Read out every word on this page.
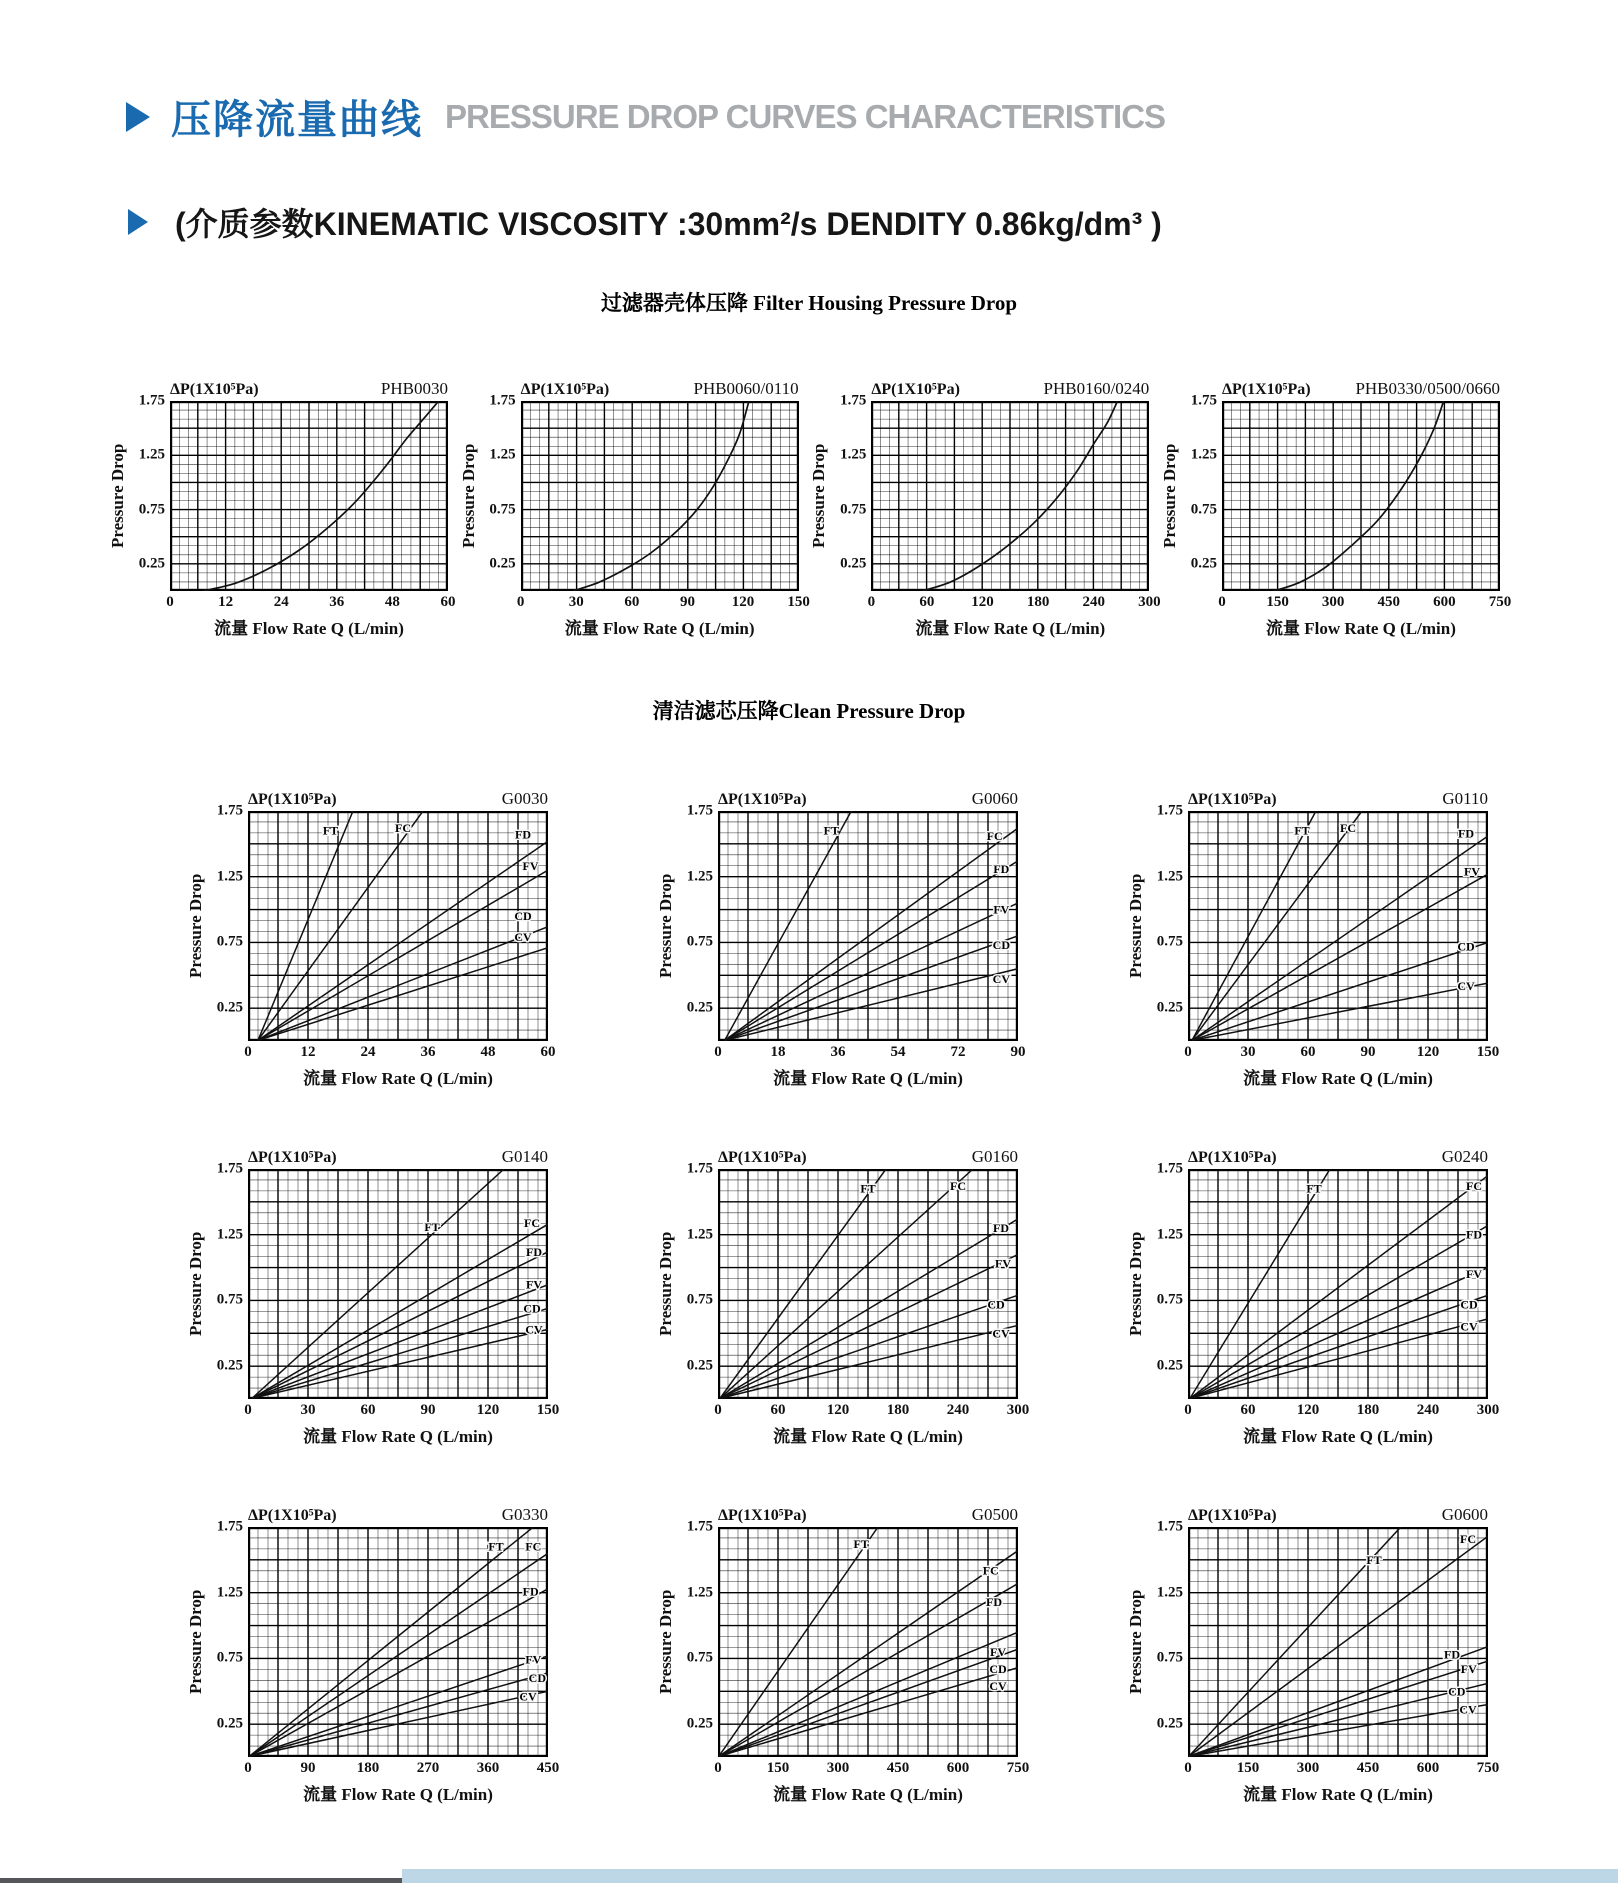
压降流量曲线 PRESSURE DROP CURVES CHARACTERISTICS
(介质参数KINEMATIC VISCOSITY :30mm²/s DENDITY 0.86kg/dm³ )
过滤器壳体压降 Filter Housing Pressure Drop
ΔP(1X10⁵Pa)	PHB0030
Pressure Drop
1.75
1.25
0.75
0.25
0	12	24	36	48	60
流量 Flow Rate Q (L/min)
ΔP(1X10⁵Pa)	PHB0060/0110
Pressure Drop
1.75
1.25
0.75
0.25
0	30	60	90 120 150
流量 Flow Rate Q (L/min)
ΔP(1X10⁵Pa)	PHB0160/0240
Pressure Drop
1.75
1.25
0.75
0.25
0	60 120 180 240 300
流量 Flow Rate Q (L/min)
ΔP(1X10⁵Pa)	PHB0330/0500/0660
Pressure Drop
1.75
1.25
0.75
0.25
0	150 300 450 600 750
流量 Flow Rate Q (L/min)
清洁滤芯压降Clean Pressure Drop
ΔP(1X10⁵Pa)	G0030
Pressure Drop
1.75
1.25
0.75
0.25
FT	FC	FD
FV
CD
CV
0	12	24	36	48	60
流量 Flow Rate Q (L/min)
ΔP(1X10⁵Pa)	G0060
Pressure Drop
1.75
1.25
0.75
0.25
FT	FC
FD
FV
CD
CV
0	18	36	54	72	90
流量 Flow Rate Q (L/min)
ΔP(1X10⁵Pa)	G0110
Pressure Drop
1.75
1.25
0.75
0.25
FT	FC	FD
FV
CD
CV
0	30	60	90	120	150
流量 Flow Rate Q (L/min)
ΔP(1X10⁵Pa)	G0140
Pressure Drop
1.75
1.25
0.75
0.25
FT	FC
FD
FV
CD
CV
0	30	60	90	120	150
流量 Flow Rate Q (L/min)
ΔP(1X10⁵Pa)	G0160
Pressure Drop
1.75
1.25
0.75
0.25
FT	FC
FD
FV
CD
CV
0	60	120	180	240	300
流量 Flow Rate Q (L/min)
ΔP(1X10⁵Pa)	G0240
Pressure Drop
1.75
1.25
0.75
0.25
FT	FC
FD
FV
CD
CV
0	60	120	180	240	300
流量 Flow Rate Q (L/min)
ΔP(1X10⁵Pa)	G0330
Pressure Drop
1.75
1.25
0.75
0.25
FT FC
FD
FV
CD
CV
0	90	180	270	360	450
流量 Flow Rate Q (L/min)
ΔP(1X10⁵Pa)	G0500
Pressure Drop
1.75
1.25
0.75
0.25
FT
FC
FD
FV
CD
CV
0	150	300	450	600	750
流量 Flow Rate Q (L/min)
ΔP(1X10⁵Pa)	G0600
Pressure Drop
1.75
1.25
0.75
0.25
FT
FC
FD
FV
CD
CV
0	150	300	450	600	750
流量 Flow Rate Q (L/min)
